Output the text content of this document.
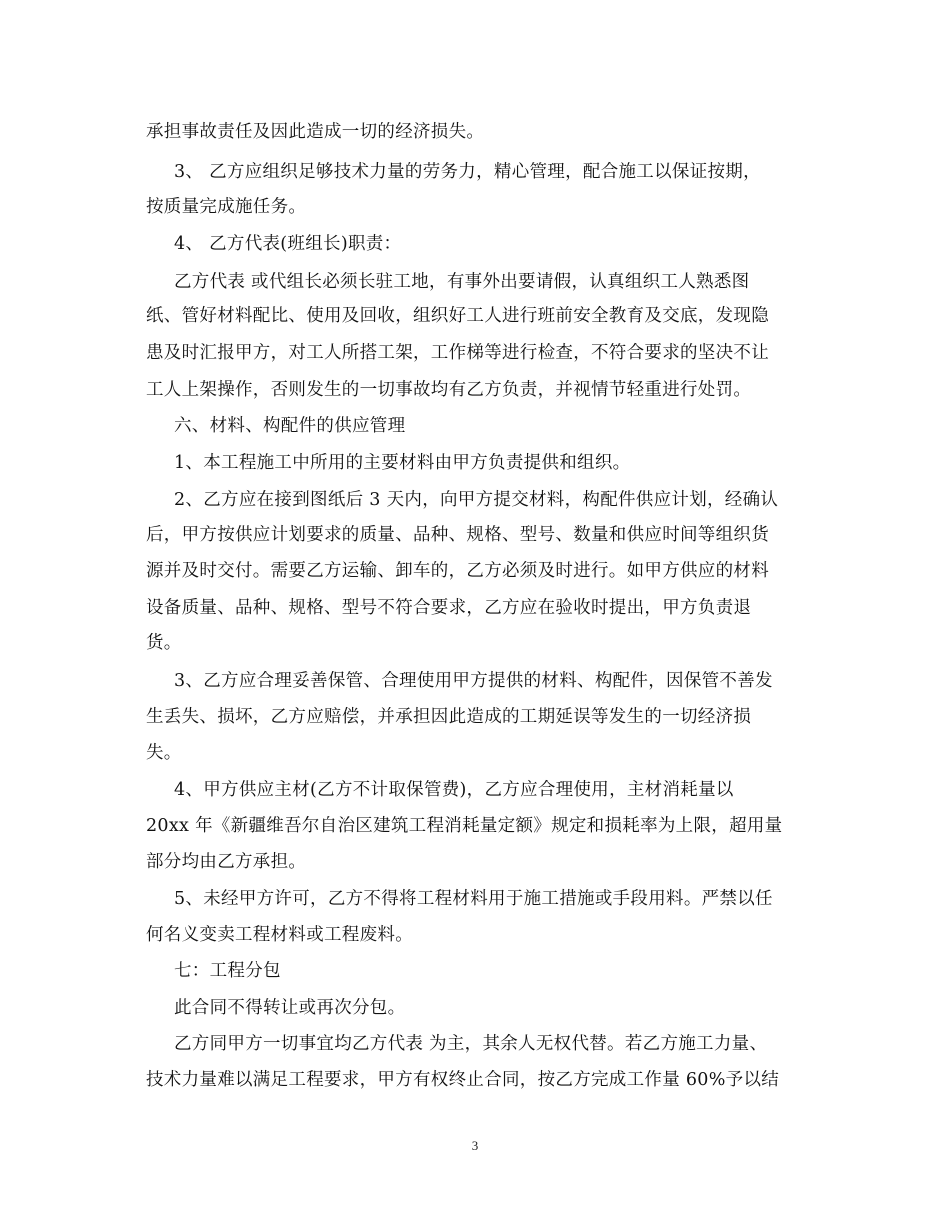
承担事故责任及因此造成一切的经济损失。
3、 乙方应组织足够技术力量的劳务力，精心管理，配合施工以保证按期，
按质量完成施任务。
4、 乙方代表(班组长)职责：
乙方代表 或代组长必须长驻工地，有事外出要请假，认真组织工人熟悉图
纸、管好材料配比、使用及回收，组织好工人进行班前安全教育及交底，发现隐
患及时汇报甲方，对工人所搭工架，工作梯等进行检查，不符合要求的坚决不让
工人上架操作，否则发生的一切事故均有乙方负责，并视情节轻重进行处罚。
六、材料、构配件的供应管理
1、本工程施工中所用的主要材料由甲方负责提供和组织。
2、乙方应在接到图纸后 3 天内，向甲方提交材料，构配件供应计划，经确认
后，甲方按供应计划要求的质量、品种、规格、型号、数量和供应时间等组织货
源并及时交付。需要乙方运输、卸车的，乙方必须及时进行。如甲方供应的材料
设备质量、品种、规格、型号不符合要求，乙方应在验收时提出，甲方负责退
货。
3、乙方应合理妥善保管、合理使用甲方提供的材料、构配件，因保管不善发
生丢失、损坏，乙方应赔偿，并承担因此造成的工期延误等发生的一切经济损
失。
4、甲方供应主材(乙方不计取保管费)，乙方应合理使用，主材消耗量以
20xx 年《新疆维吾尔自治区建筑工程消耗量定额》规定和损耗率为上限，超用量
部分均由乙方承担。
5、未经甲方许可，乙方不得将工程材料用于施工措施或手段用料。严禁以任
何名义变卖工程材料或工程废料。
七：工程分包
此合同不得转让或再次分包。
乙方同甲方一切事宜均乙方代表 为主，其余人无权代替。若乙方施工力量、
技术力量难以满足工程要求，甲方有权终止合同，按乙方完成工作量 60%予以结
3
